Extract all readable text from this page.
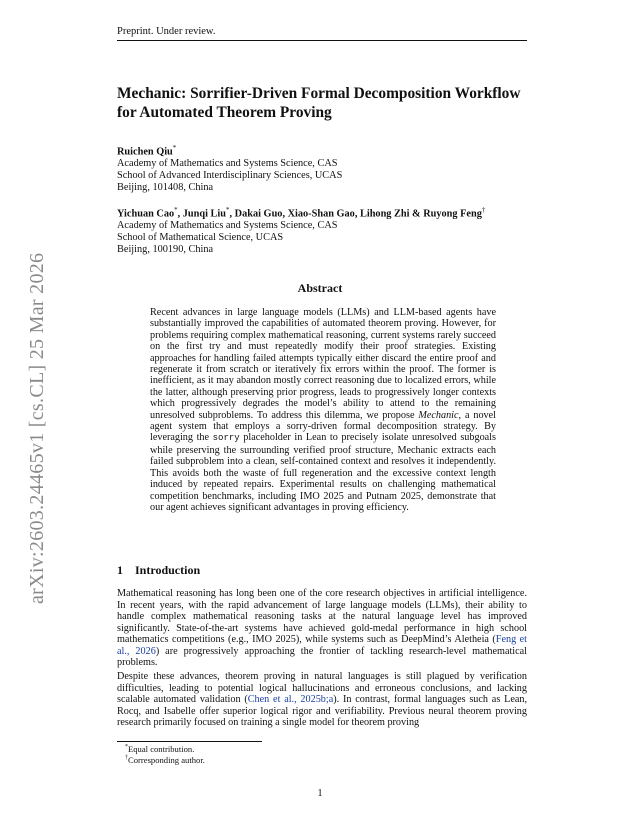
Preprint. Under review.
Mechanic: Sorrifier-Driven Formal Decomposition Workflow for Automated Theorem Proving
Ruichen Qiu*
Academy of Mathematics and Systems Science, CAS
School of Advanced Interdisciplinary Sciences, UCAS
Beijing, 101408, China
Yichuan Cao*, Junqi Liu*, Dakai Guo, Xiao-Shan Gao, Lihong Zhi & Ruyong Feng†
Academy of Mathematics and Systems Science, CAS
School of Mathematical Science, UCAS
Beijing, 100190, China
arXiv:2603.24465v1 [cs.CL] 25 Mar 2026	Abstract
Recent advances in large language models (LLMs) and LLM-based agents have substantially improved the capabilities of automated theorem proving. However, for problems requiring complex mathematical reasoning, current systems rarely succeed on the first try and must repeatedly modify their proof strategies. Existing approaches for handling failed attempts typically either discard the entire proof and regenerate it from scratch or iteratively fix errors within the proof. The former is inefficient, as it may abandon mostly correct reasoning due to localized errors, while the latter, although preserving prior progress, leads to progressively longer contexts which progressively degrades the model’s ability to attend to the remaining unresolved subproblems. To address this dilemma, we propose Mechanic, a novel agent system that employs a sorry-driven formal decomposition strategy. By leveraging the sorry placeholder in Lean to precisely isolate unresolved subgoals while preserving the surrounding verified proof structure, Mechanic extracts each failed subproblem into a clean, self-contained context and resolves it independently. This avoids both the waste of full regeneration and the excessive context length induced by repeated repairs. Experimental results on challenging mathematical competition benchmarks, including IMO 2025 and Putnam 2025, demonstrate that our agent achieves significant advantages in proving efficiency.
1 Introduction
Mathematical reasoning has long been one of the core research objectives in artificial intelligence. In recent years, with the rapid advancement of large language models (LLMs), their ability to handle complex mathematical reasoning tasks at the natural language level has improved significantly. State-of-the-art systems have achieved gold-medal performance in high school mathematics competitions (e.g., IMO 2025), while systems such as DeepMind’s Aletheia (Feng et al., 2026) are progressively approaching the frontier of tackling research-level mathematical problems.
Despite these advances, theorem proving in natural languages is still plagued by verification difficulties, leading to potential logical hallucinations and erroneous conclusions, and lacking scalable automated validation (Chen et al., 2025b;a). In contrast, formal languages such as Lean, Rocq, and Isabelle offer superior logical rigor and verifiability. Previous neural theorem proving research primarily focused on training a single model for theorem proving
*Equal contribution.
†Corresponding author.
1
